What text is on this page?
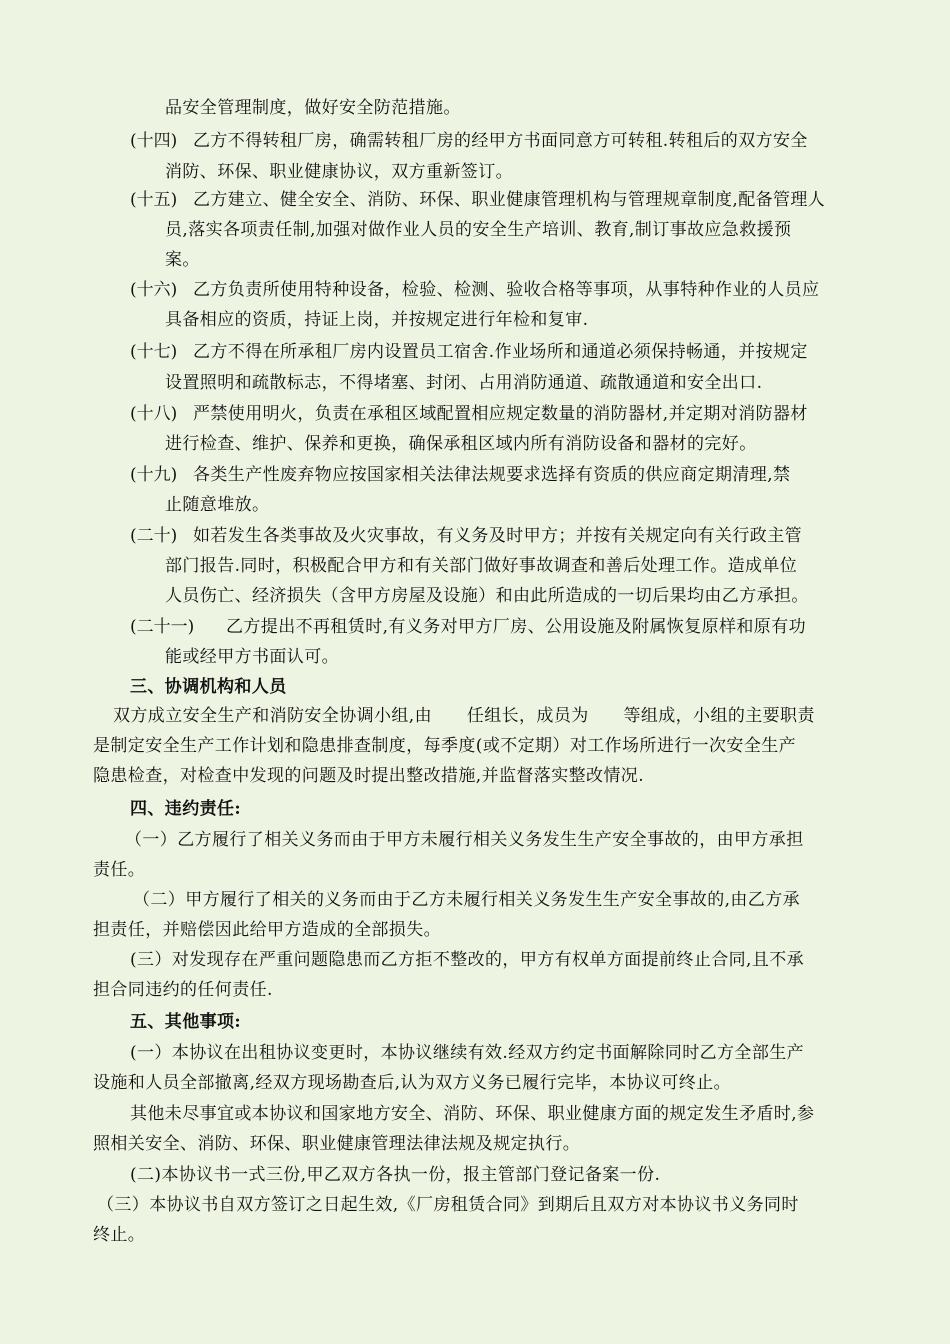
品安全管理制度，做好安全防范措施。
(十四) 乙方不得转租厂房，确需转租厂房的经甲方书面同意方可转租.转租后的双方安全
消防、环保、职业健康协议，双方重新签订。
(十五) 乙方建立、健全安全、消防、环保、职业健康管理机构与管理规章制度,配备管理人
员,落实各项责任制,加强对做作业人员的安全生产培训、教育,制订事故应急救援预
案。
(十六) 乙方负责所使用特种设备，检验、检测、验收合格等事项，从事特种作业的人员应
具备相应的资质，持证上岗，并按规定进行年检和复审.
(十七) 乙方不得在所承租厂房内设置员工宿舍.作业场所和通道必须保持畅通，并按规定
设置照明和疏散标志，不得堵塞、封闭、占用消防通道、疏散通道和安全出口.
(十八) 严禁使用明火，负责在承租区域配置相应规定数量的消防器材,并定期对消防器材
进行检查、维护、保养和更换，确保承租区域内所有消防设备和器材的完好。
(十九) 各类生产性废弃物应按国家相关法律法规要求选择有资质的供应商定期清理,禁
止随意堆放。
(二十) 如若发生各类事故及火灾事故，有义务及时甲方；并按有关规定向有关行政主管
部门报告.同时，积极配合甲方和有关部门做好事故调查和善后处理工作。造成单位
人员伤亡、经济损失（含甲方房屋及设施）和由此所造成的一切后果均由乙方承担。
(二十一) 乙方提出不再租赁时,有义务对甲方厂房、公用设施及附属恢复原样和原有功
能或经甲方书面认可。
三、协调机构和人员
双方成立安全生产和消防安全协调小组,由      任组长，成员为      等组成，小组的主要职责
是制定安全生产工作计划和隐患排查制度，每季度(或不定期）对工作场所进行一次安全生产
隐患检查，对检查中发现的问题及时提出整改措施,并监督落实整改情况.
四、违约责任:
（一）乙方履行了相关义务而由于甲方未履行相关义务发生生产安全事故的，由甲方承担
责任。
（二）甲方履行了相关的义务而由于乙方未履行相关义务发生生产安全事故的,由乙方承
担责任，并赔偿因此给甲方造成的全部损失。
(三）对发现存在严重问题隐患而乙方拒不整改的，甲方有权单方面提前终止合同,且不承
担合同违约的任何责任.
五、其他事项:
(一）本协议在出租协议变更时，本协议继续有效.经双方约定书面解除同时乙方全部生产
设施和人员全部撤离,经双方现场勘查后,认为双方义务已履行完毕，本协议可终止。
其他未尽事宜或本协议和国家地方安全、消防、环保、职业健康方面的规定发生矛盾时,参
照相关安全、消防、环保、职业健康管理法律法规及规定执行。
(二)本协议书一式三份,甲乙双方各执一份，报主管部门登记备案一份.
（三）本协议书自双方签订之日起生效,《厂房租赁合同》到期后且双方对本协议书义务同时
终止。
